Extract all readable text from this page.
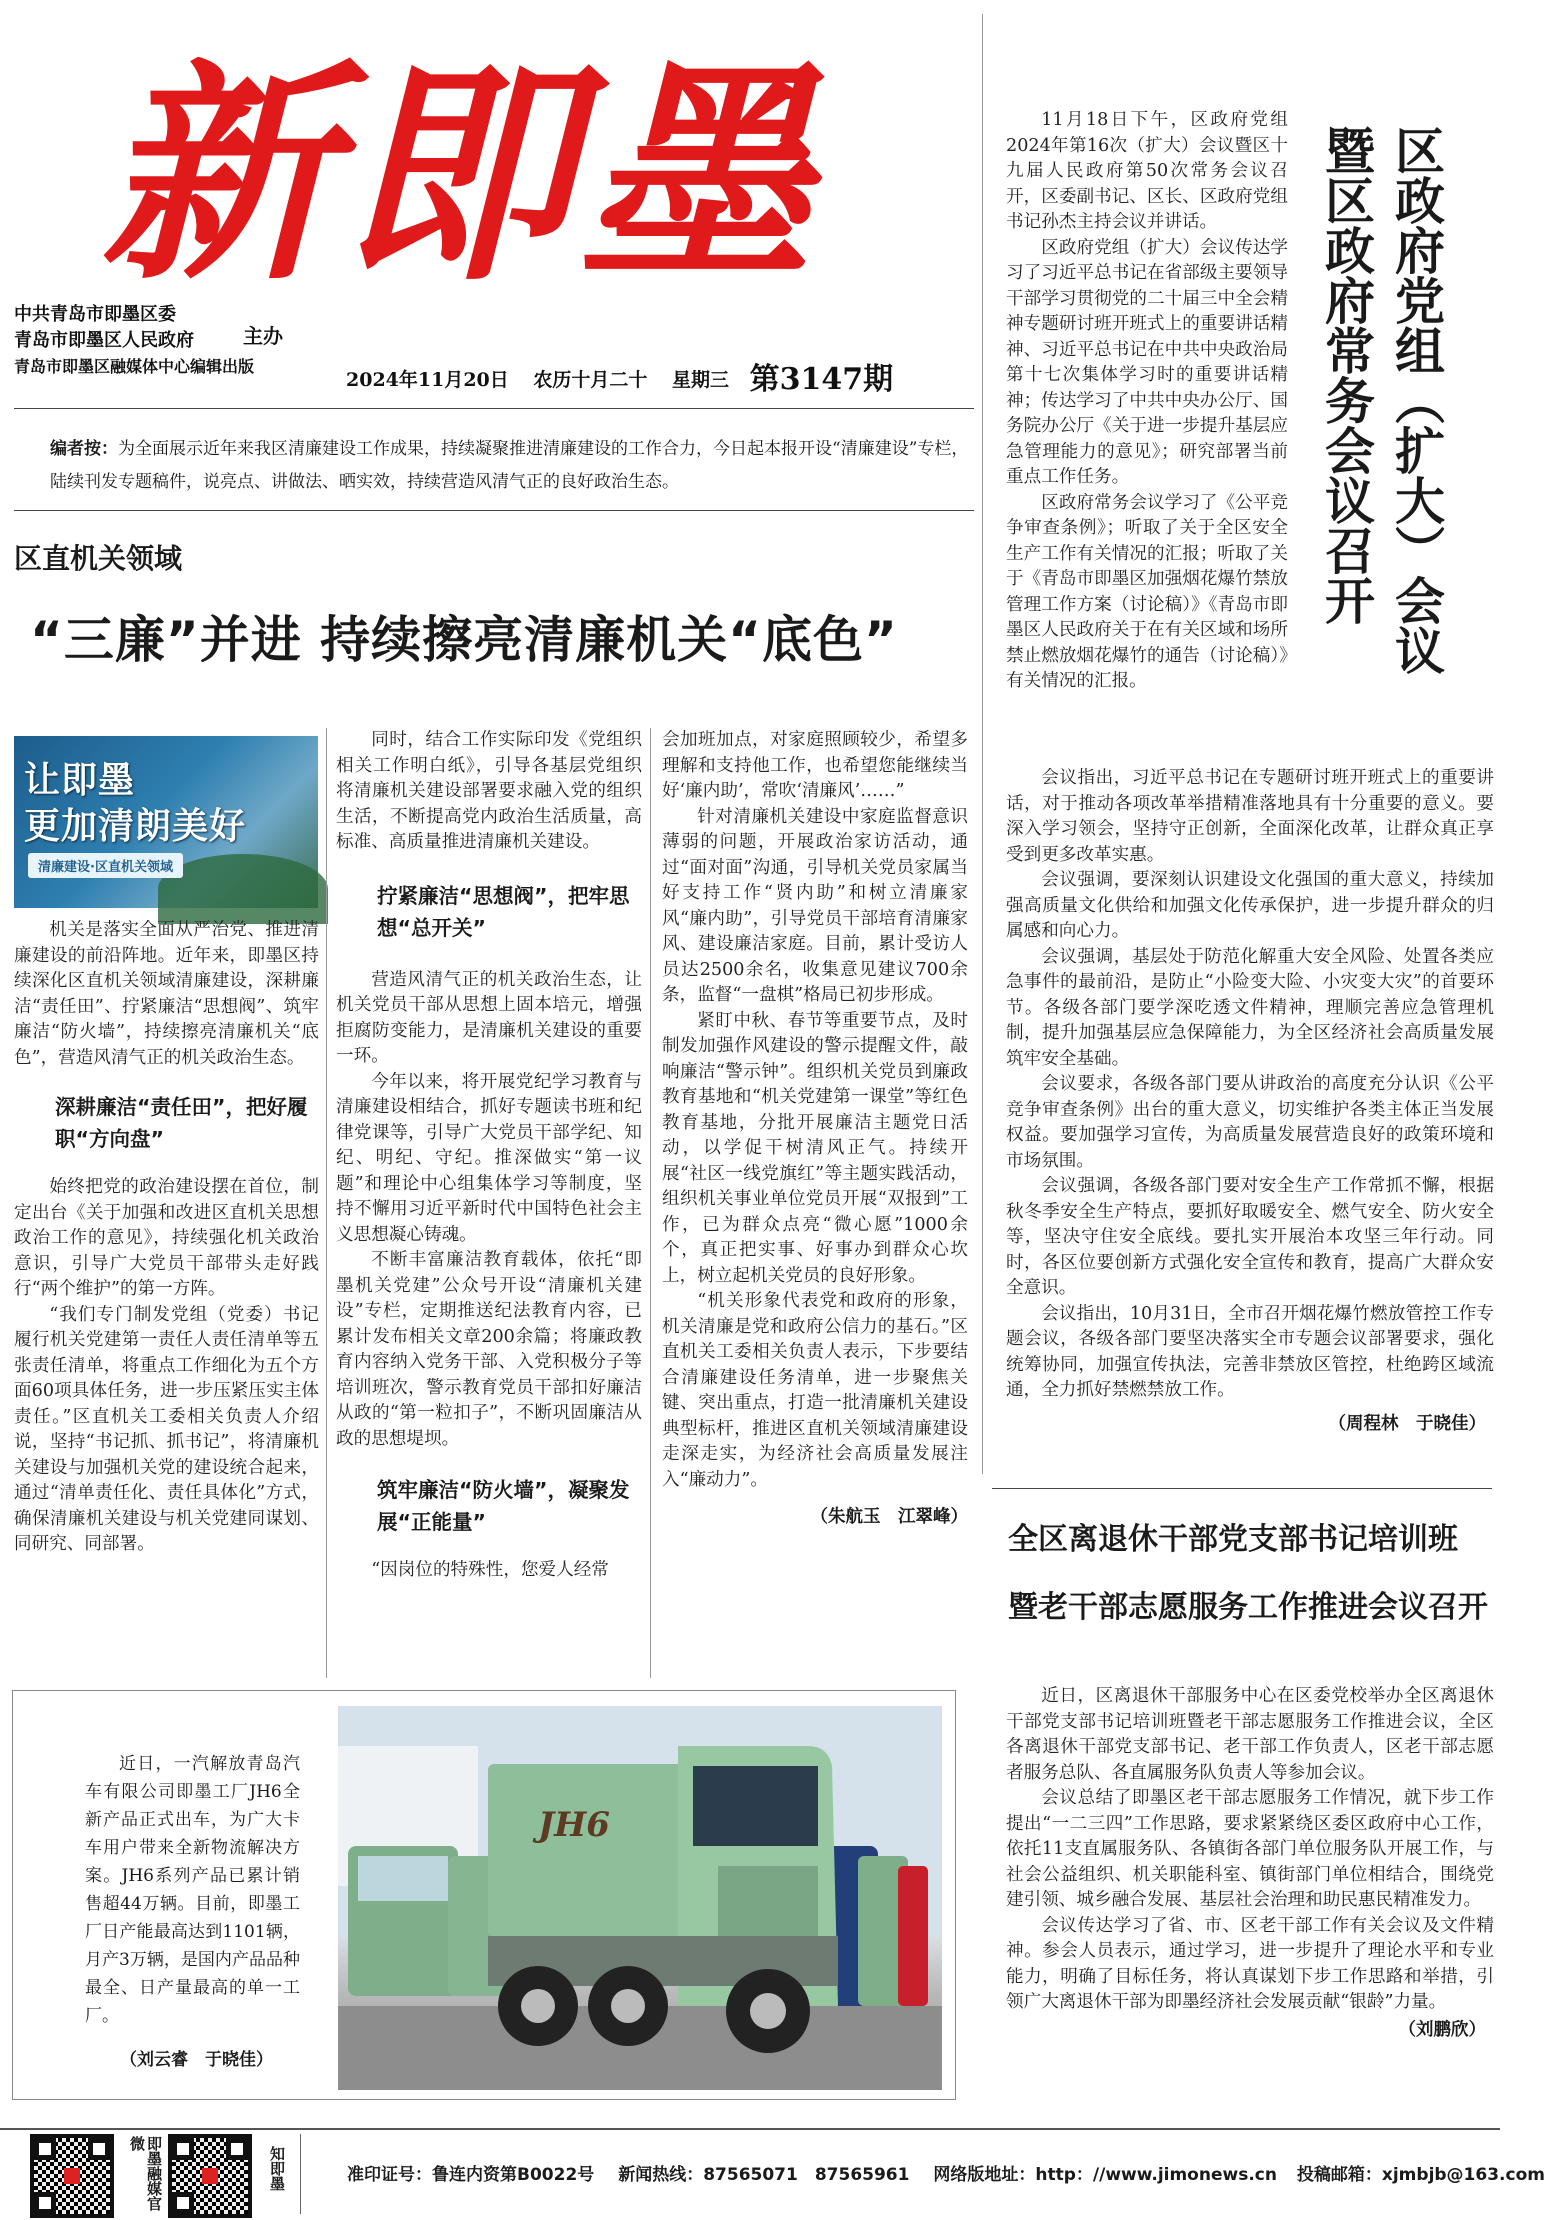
新即墨
中共青岛市即墨区委
青岛市即墨区人民政府
青岛市即墨区融媒体中心编辑出版
主办
2024年11月20日 农历十月二十 星期三 第3147期
编者按：为全面展示近年来我区清廉建设工作成果，持续凝聚推进清廉建设的工作合力，今日起本报开设“清廉建设”专栏，陆续刊发专题稿件，说亮点、讲做法、晒实效，持续营造风清气正的良好政治生态。
区直机关领域
“三廉”并进 持续擦亮清廉机关“底色”
让即墨
更加清朗美好
清廉建设·区直机关领域

机关是落实全面从严治党、推进清廉建设的前沿阵地。近年来，即墨区持续深化区直机关领域清廉建设，深耕廉洁“责任田”、拧紧廉洁“思想阀”、筑牢廉洁“防火墙”，持续擦亮清廉机关“底色”，营造风清气正的机关政治生态。

深耕廉洁“责任田”，把好履职“方向盘”

始终把党的政治建设摆在首位，制定出台《关于加强和改进区直机关思想政治工作的意见》，持续强化机关政治意识，引导广大党员干部带头走好践行“两个维护”的第一方阵。

“我们专门制发党组（党委）书记履行机关党建第一责任人责任清单等五张责任清单，将重点工作细化为五个方面60项具体任务，进一步压紧压实主体责任。”区直机关工委相关负责人介绍说，坚持“书记抓、抓书记”，将清廉机关建设与加强机关党的建设统合起来，通过“清单责任化、责任具体化”方式，确保清廉机关建设与机关党建同谋划、同研究、同部署。

同时，结合工作实际印发《党组织相关工作明白纸》，引导各基层党组织将清廉机关建设部署要求融入党的组织生活，不断提高党内政治生活质量，高标准、高质量推进清廉机关建设。

拧紧廉洁“思想阀”，把牢思想“总开关”

营造风清气正的机关政治生态，让机关党员干部从思想上固本培元，增强拒腐防变能力，是清廉机关建设的重要一环。

今年以来，将开展党纪学习教育与清廉建设相结合，抓好专题读书班和纪律党课等，引导广大党员干部学纪、知纪、明纪、守纪。推深做实“第一议题”和理论中心组集体学习等制度，坚持不懈用习近平新时代中国特色社会主义思想凝心铸魂。

不断丰富廉洁教育载体，依托“即墨机关党建”公众号开设“清廉机关建设”专栏，定期推送纪法教育内容，已累计发布相关文章200余篇；将廉政教育内容纳入党务干部、入党积极分子等培训班次，警示教育党员干部扣好廉洁从政的“第一粒扣子”，不断巩固廉洁从政的思想堤坝。

筑牢廉洁“防火墙”，凝聚发展“正能量”

“因岗位的特殊性，您爱人经常

会加班加点，对家庭照顾较少，希望多理解和支持他工作，也希望您能继续当好‘廉内助’，常吹‘清廉风’……”

针对清廉机关建设中家庭监督意识薄弱的问题，开展政治家访活动，通过“面对面”沟通，引导机关党员家属当好支持工作“贤内助”和树立清廉家风“廉内助”，引导党员干部培育清廉家风、建设廉洁家庭。目前，累计受访人员达2500余名，收集意见建议700余条，监督“一盘棋”格局已初步形成。

紧盯中秋、春节等重要节点，及时制发加强作风建设的警示提醒文件，敲响廉洁“警示钟”。组织机关党员到廉政教育基地和“机关党建第一课堂”等红色教育基地，分批开展廉洁主题党日活动，以学促干树清风正气。持续开展“社区一线党旗红”等主题实践活动，组织机关事业单位党员开展“双报到”工作，已为群众点亮“微心愿”1000余个，真正把实事、好事办到群众心坎上，树立起机关党员的良好形象。

“机关形象代表党和政府的形象，机关清廉是党和政府公信力的基石。”区直机关工委相关负责人表示，下步要结合清廉建设任务清单，进一步聚焦关键、突出重点，打造一批清廉机关建设典型标杆，推进区直机关领域清廉建设走深走实，为经济社会高质量发展注入“廉动力”。

（朱航玉　江翠峰）
区政府党组（扩大）会议
暨区政府常务会议召开

11月18日下午，区政府党组2024年第16次（扩大）会议暨区十九届人民政府第50次常务会议召开，区委副书记、区长、区政府党组书记孙杰主持会议并讲话。

区政府党组（扩大）会议传达学习了习近平总书记在省部级主要领导干部学习贯彻党的二十届三中全会精神专题研讨班开班式上的重要讲话精神、习近平总书记在中共中央政治局第十七次集体学习时的重要讲话精神；传达学习了中共中央办公厅、国务院办公厅《关于进一步提升基层应急管理能力的意见》；研究部署当前重点工作任务。

区政府常务会议学习了《公平竞争审查条例》；听取了关于全区安全生产工作有关情况的汇报；听取了关于《青岛市即墨区加强烟花爆竹禁放管理工作方案（讨论稿）》《青岛市即墨区人民政府关于在有关区域和场所禁止燃放烟花爆竹的通告（讨论稿）》有关情况的汇报。

会议指出，习近平总书记在专题研讨班开班式上的重要讲话，对于推动各项改革举措精准落地具有十分重要的意义。要深入学习领会，坚持守正创新，全面深化改革，让群众真正享受到更多改革实惠。

会议强调，要深刻认识建设文化强国的重大意义，持续加强高质量文化供给和加强文化传承保护，进一步提升群众的归属感和向心力。

会议强调，基层处于防范化解重大安全风险、处置各类应急事件的最前沿，是防止“小险变大险、小灾变大灾”的首要环节。各级各部门要学深吃透文件精神，理顺完善应急管理机制，提升加强基层应急保障能力，为全区经济社会高质量发展筑牢安全基础。

会议要求，各级各部门要从讲政治的高度充分认识《公平竞争审查条例》出台的重大意义，切实维护各类主体正当发展权益。要加强学习宣传，为高质量发展营造良好的政策环境和市场氛围。

会议强调，各级各部门要对安全生产工作常抓不懈，根据秋冬季安全生产特点，要抓好取暖安全、燃气安全、防火安全等，坚决守住安全底线。要扎实开展治本攻坚三年行动。同时，各区位要创新方式强化安全宣传和教育，提高广大群众安全意识。

会议指出，10月31日，全市召开烟花爆竹燃放管控工作专题会议，各级各部门要坚决落实全市专题会议部署要求，强化统筹协同，加强宣传执法，完善非禁放区管控，杜绝跨区域流通，全力抓好禁燃禁放工作。

（周程林　于晓佳）
近日，一汽解放青岛汽车有限公司即墨工厂JH6全新产品正式出车，为广大卡车用户带来全新物流解决方案。JH6系列产品已累计销售超44万辆。目前，即墨工厂日产能最高达到1101辆，月产3万辆，是国内产品品种最全、日产量最高的单一工厂。
（刘云睿　于晓佳）
JH6
全区离退休干部党支部书记培训班
暨老干部志愿服务工作推进会议召开

近日，区离退休干部服务中心在区委党校举办全区离退休干部党支部书记培训班暨老干部志愿服务工作推进会议，全区各离退休干部党支部书记、老干部工作负责人，区老干部志愿者服务总队、各直属服务队负责人等参加会议。

会议总结了即墨区老干部志愿服务工作情况，就下步工作提出“一二三四”工作思路，要求紧紧绕区委区政府中心工作，依托11支直属服务队、各镇街各部门单位服务队开展工作，与社会公益组织、机关职能科室、镇街部门单位相结合，围绕党建引领、城乡融合发展、基层社会治理和助民惠民精准发力。

会议传达学习了省、市、区老干部工作有关会议及文件精神。参会人员表示，通过学习，进一步提升了理论水平和专业能力，明确了目标任务，将认真谋划下步工作思路和举措，引领广大离退休干部为即墨经济社会发展贡献“银龄”力量。

（刘鹏欣）
即墨融媒官微
知即墨	准印证号：鲁连内资第B0022号 新闻热线：87565071　87565961 网络版地址：http：//www.jimonews.cn 投稿邮箱：xjmbjb@163.com
